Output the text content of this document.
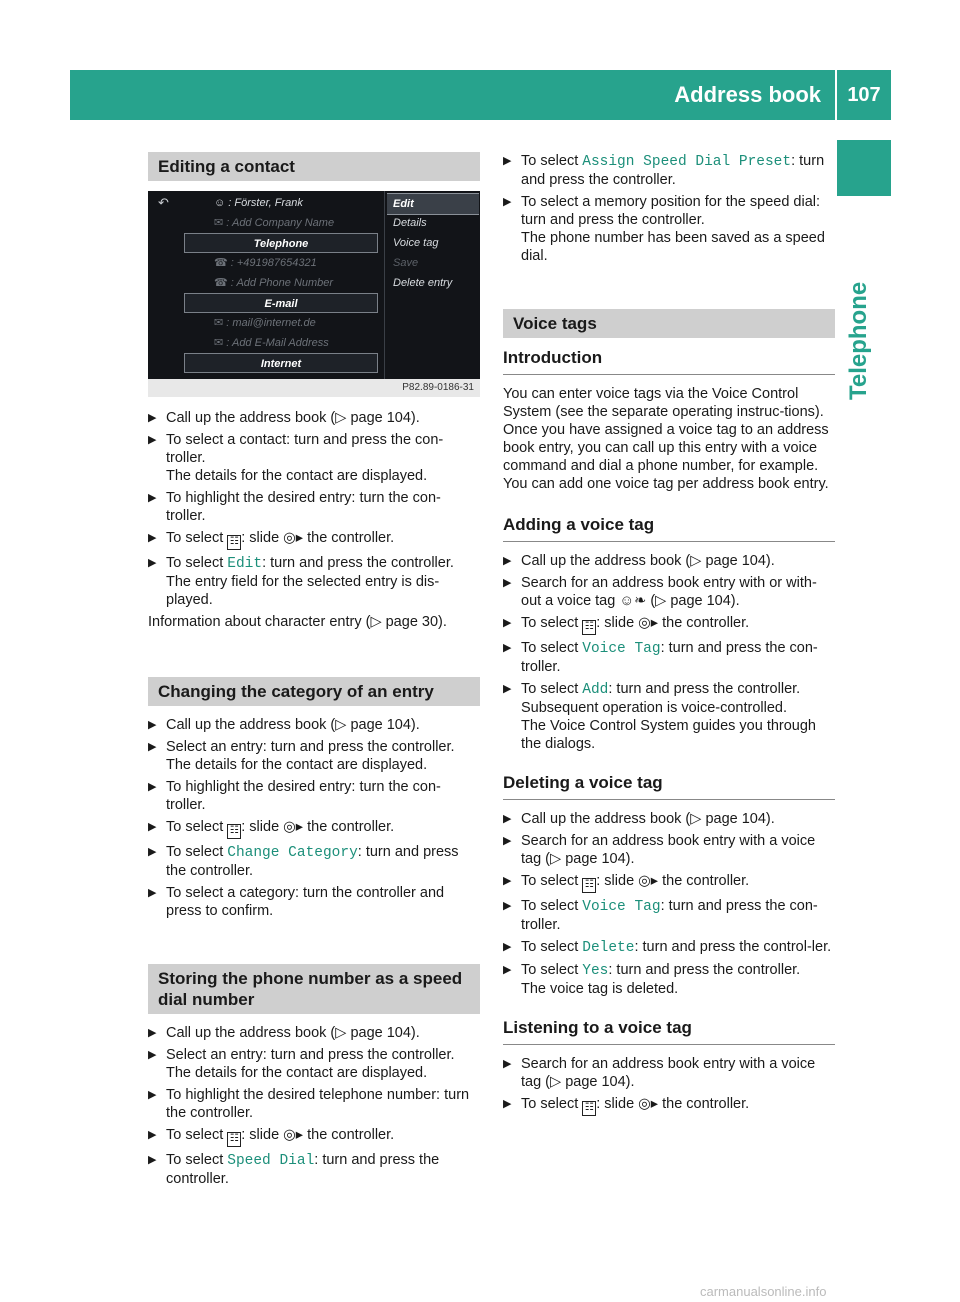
Address book	107
Telephone
Editing a contact
↶	☺ : Förster, Frank
✉ : Add Company Name
Telephone
☎ : +491987654321
☎ : Add Phone Number
E-mail
✉ : mail@internet.de
✉ : Add E-Mail Address
Internet
Edit
Details
Voice tag
Save
Delete entry
P82.89-0186-31
▶ Call up the address book (▷ page 104).
▶ To select a contact: turn and press the con-troller.
The details for the contact are displayed.
▶ To highlight the desired entry: turn the con-troller.
▶ To select ☷ : slide ◎▸ the controller.
▶ To select Edit: turn and press the controller.
The entry field for the selected entry is dis-played.
Information about character entry (▷ page 30).
Changing the category of an entry
▶ Call up the address book (▷ page 104).
▶ Select an entry: turn and press the controller.
The details for the contact are displayed.
▶ To highlight the desired entry: turn the con-troller.
▶ To select ☷ : slide ◎▸ the controller.
▶ To select Change Category: turn and press the controller.
▶ To select a category: turn the controller and press to confirm.
Storing the phone number as a speed dial number
▶ Call up the address book (▷ page 104).
▶ Select an entry: turn and press the controller.
The details for the contact are displayed.
▶ To highlight the desired telephone number: turn the controller.
▶ To select ☷ : slide ◎▸ the controller.
▶ To select Speed Dial: turn and press the controller.
▶ To select Assign Speed Dial Preset: turn and press the controller.
▶ To select a memory position for the speed dial: turn and press the controller.
The phone number has been saved as a speed dial.
Voice tags
Introduction
You can enter voice tags via the Voice Control System (see the separate operating instruc-tions). Once you have assigned a voice tag to an address book entry, you can call up this entry with a voice command and dial a phone number, for example. You can add one voice tag per address book entry.
Adding a voice tag
▶ Call up the address book (▷ page 104).
▶ Search for an address book entry with or with-out a voice tag ☺❧ (▷ page 104).
▶ To select ☷ : slide ◎▸ the controller.
▶ To select Voice Tag: turn and press the con-troller.
▶ To select Add: turn and press the controller.
Subsequent operation is voice-controlled.
The Voice Control System guides you through the dialogs.
Deleting a voice tag
▶ Call up the address book (▷ page 104).
▶ Search for an address book entry with a voice tag (▷ page 104).
▶ To select ☷ : slide ◎▸ the controller.
▶ To select Voice Tag: turn and press the con-troller.
▶ To select Delete: turn and press the control-ler.
▶ To select Yes: turn and press the controller.
The voice tag is deleted.
Listening to a voice tag
▶ Search for an address book entry with a voice tag (▷ page 104).
▶ To select ☷ : slide ◎▸ the controller.
carmanualsonline.info
